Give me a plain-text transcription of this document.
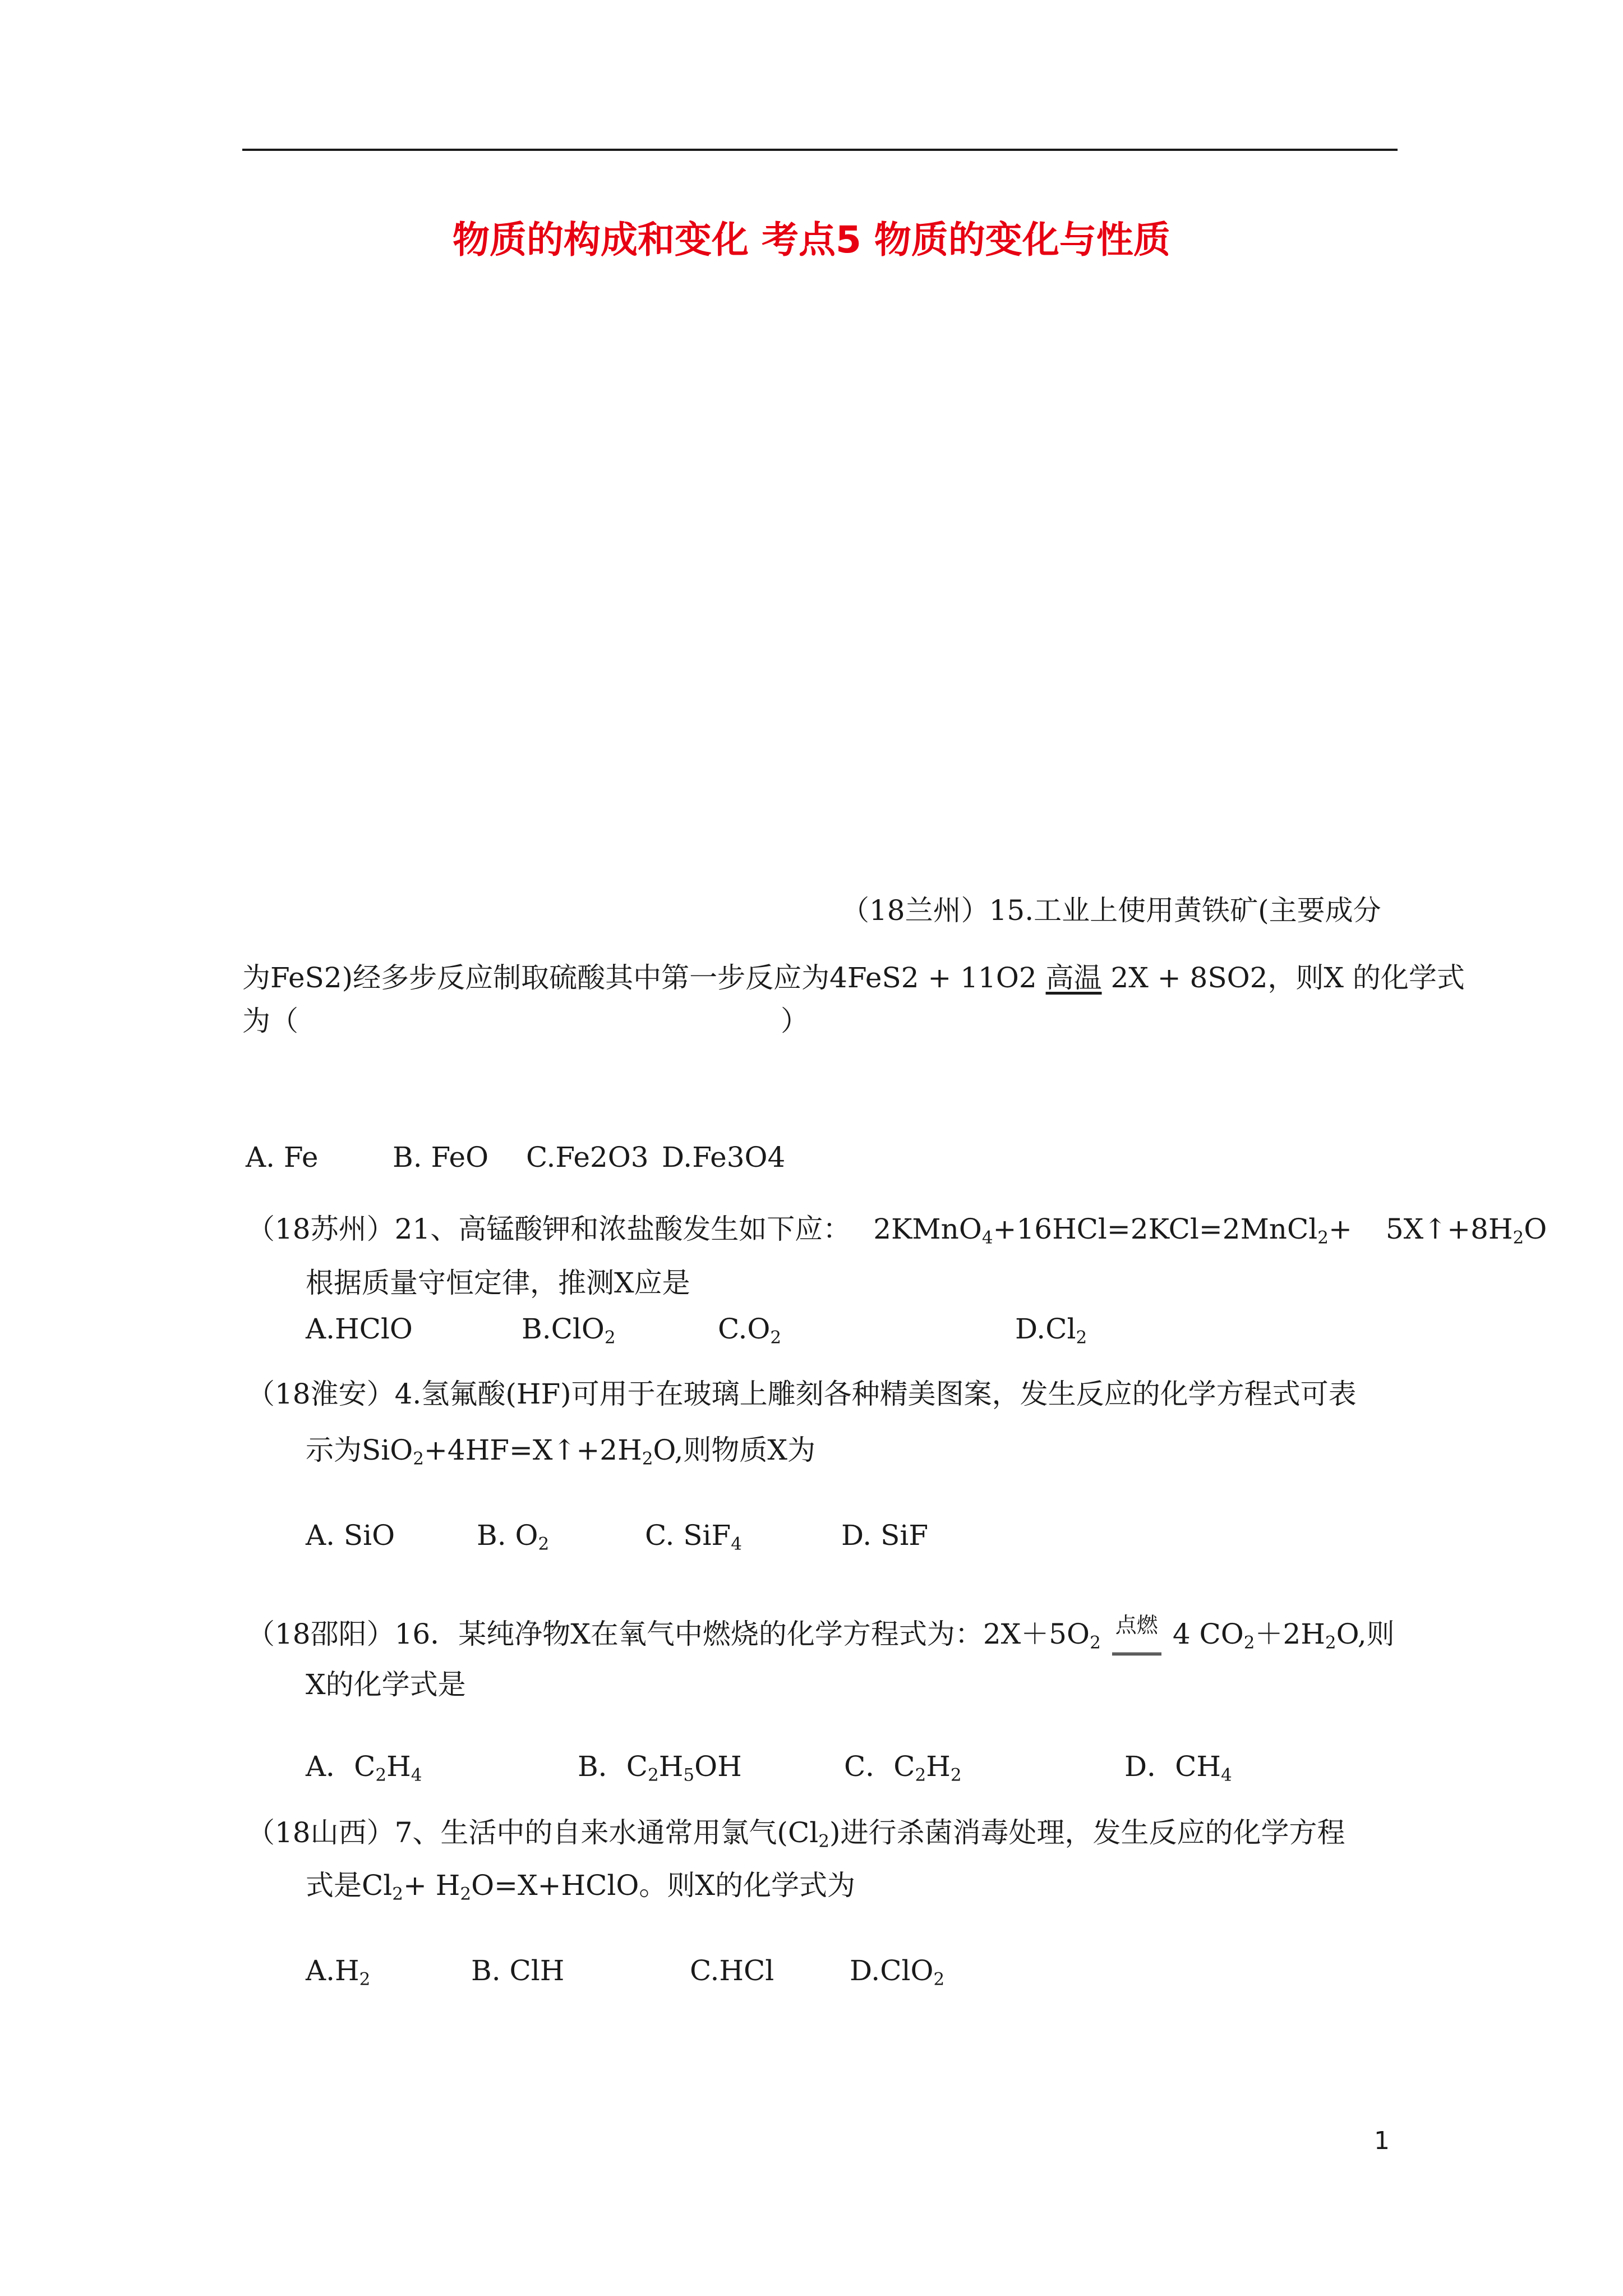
物质的构成和变化 考点5 物质的变化与性质
（18兰州）15.工业上使用黄铁矿(主要成分
为FeS2)经多步反应制取硫酸其中第一步反应为4FeS2 + 11O2 高温 2X + 8SO2，则X 的化学式
为（	）
A. Fe	B. FeO C.Fe2O3 D.Fe3O4
（18苏州）21、高锰酸钾和浓盐酸发生如下应： 2KMnO$_4$+16HCl=2KCl=2MnCl$_2$+ $5X↑+8H_2O$
根据质量守恒定律，推测X应是
A.HClO	B.ClO$_2$	$C.O_2$	$D.Cl_2$
（18淮安）4.氢氟酸(HF)可用于在玻璃上雕刻各种精美图案，发生反应的化学方程式可表
示为$SiO_2+4HF=X↑+2H_2O$,则物质X为
A. SiO	B. $O_2$	C. SiF$_4$	D. SiF
（18邵阳）16．某纯净物X在氧气中燃烧的化学方程式为：$2X+5O_2^{点燃}$ 4 $CO_2+2H_2O$,则
X的化学式是
A．$C_2H_4$	B．$C_2H_5OH$	C．$C_2H_2$	D．$CH_4$
（18山西）7、生活中的自来水通常用氯气$(Cl_2)$进行杀菌消毒处理，发生反应的化学方程
式是$Cl_2+$ $H_2O=X+HClO$。则X的化学式为
$A.H_2$	B. ClH	C.HCl	D.ClO$_2$
1
